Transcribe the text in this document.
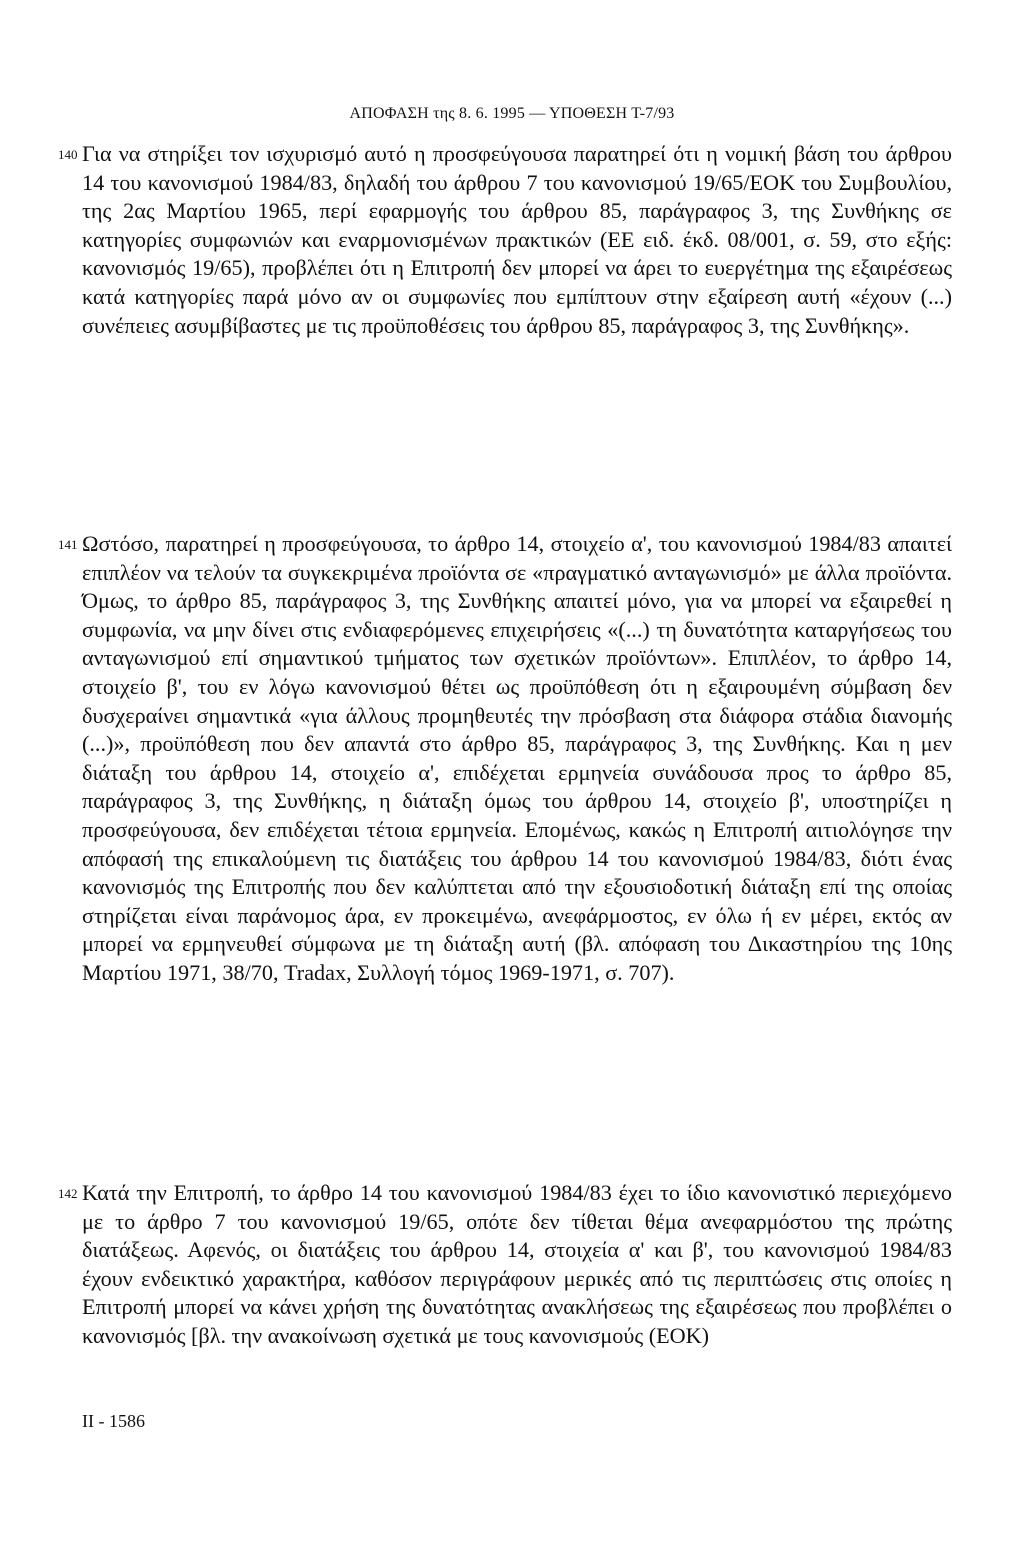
ΑΠΟΦΑΣΗ της 8. 6. 1995 — ΥΠΟΘΕΣΗ Τ-7/93
140 Για να στηρίξει τον ισχυρισμό αυτό η προσφεύγουσα παρατηρεί ότι η νομική βάση του άρθρου 14 του κανονισμού 1984/83, δηλαδή του άρθρου 7 του κανονισμού 19/65/ΕΟΚ του Συμβουλίου, της 2ας Μαρτίου 1965, περί εφαρμογής του άρθρου 85, παράγραφος 3, της Συνθήκης σε κατηγορίες συμφωνιών και εναρμονισμένων πρακτικών (ΕΕ ειδ. έκδ. 08/001, σ. 59, στο εξής: κανονισμός 19/65), προβλέπει ότι η Επιτροπή δεν μπορεί να άρει το ευεργέτημα της εξαιρέσεως κατά κατηγορίες παρά μόνο αν οι συμφωνίες που εμπίπτουν στην εξαίρεση αυτή «έχουν (...) συνέπειες ασυμβίβαστες με τις προϋποθέσεις του άρθρου 85, παράγραφος 3, της Συνθήκης».
141 Ωστόσο, παρατηρεί η προσφεύγουσα, το άρθρο 14, στοιχείο α', του κανονισμού 1984/83 απαιτεί επιπλέον να τελούν τα συγκεκριμένα προϊόντα σε «πραγματικό ανταγωνισμό» με άλλα προϊόντα. Όμως, το άρθρο 85, παράγραφος 3, της Συνθήκης απαιτεί μόνο, για να μπορεί να εξαιρεθεί η συμφωνία, να μην δίνει στις ενδιαφερόμενες επιχειρήσεις «(...) τη δυνατότητα καταργήσεως του ανταγωνισμού επί σημαντικού τμήματος των σχετικών προϊόντων». Επιπλέον, το άρθρο 14, στοιχείο β', του εν λόγω κανονισμού θέτει ως προϋπόθεση ότι η εξαιρουμένη σύμβαση δεν δυσχεραίνει σημαντικά «για άλλους προμηθευτές την πρόσβαση στα διάφορα στάδια διανομής (...)», προϋπόθεση που δεν απαντά στο άρθρο 85, παράγραφος 3, της Συνθήκης. Και η μεν διάταξη του άρθρου 14, στοιχείο α', επιδέχεται ερμηνεία συνάδουσα προς το άρθρο 85, παράγραφος 3, της Συνθήκης, η διάταξη όμως του άρθρου 14, στοιχείο β', υποστηρίζει η προσφεύγουσα, δεν επιδέχεται τέτοια ερμηνεία. Επομένως, κακώς η Επιτροπή αιτιολόγησε την απόφασή της επικαλούμενη τις διατάξεις του άρθρου 14 του κανονισμού 1984/83, διότι ένας κανονισμός της Επιτροπής που δεν καλύπτεται από την εξουσιοδοτική διάταξη επί της οποίας στηρίζεται είναι παράνομος άρα, εν προκειμένω, ανεφάρμοστος, εν όλω ή εν μέρει, εκτός αν μπορεί να ερμηνευθεί σύμφωνα με τη διάταξη αυτή (βλ. απόφαση του Δικαστηρίου της 10ης Μαρτίου 1971, 38/70, Tradax, Συλλογή τόμος 1969-1971, σ. 707).
142 Κατά την Επιτροπή, το άρθρο 14 του κανονισμού 1984/83 έχει το ίδιο κανονιστικό περιεχόμενο με το άρθρο 7 του κανονισμού 19/65, οπότε δεν τίθεται θέμα ανεφαρμόστου της πρώτης διατάξεως. Αφενός, οι διατάξεις του άρθρου 14, στοιχεία α' και β', του κανονισμού 1984/83 έχουν ενδεικτικό χαρακτήρα, καθόσον περιγράφουν μερικές από τις περιπτώσεις στις οποίες η Επιτροπή μπορεί να κάνει χρήση της δυνατότητας ανακλήσεως της εξαιρέσεως που προβλέπει ο κανονισμός [βλ. την ανακοίνωση σχετικά με τους κανονισμούς (ΕΟΚ)
II - 1586
